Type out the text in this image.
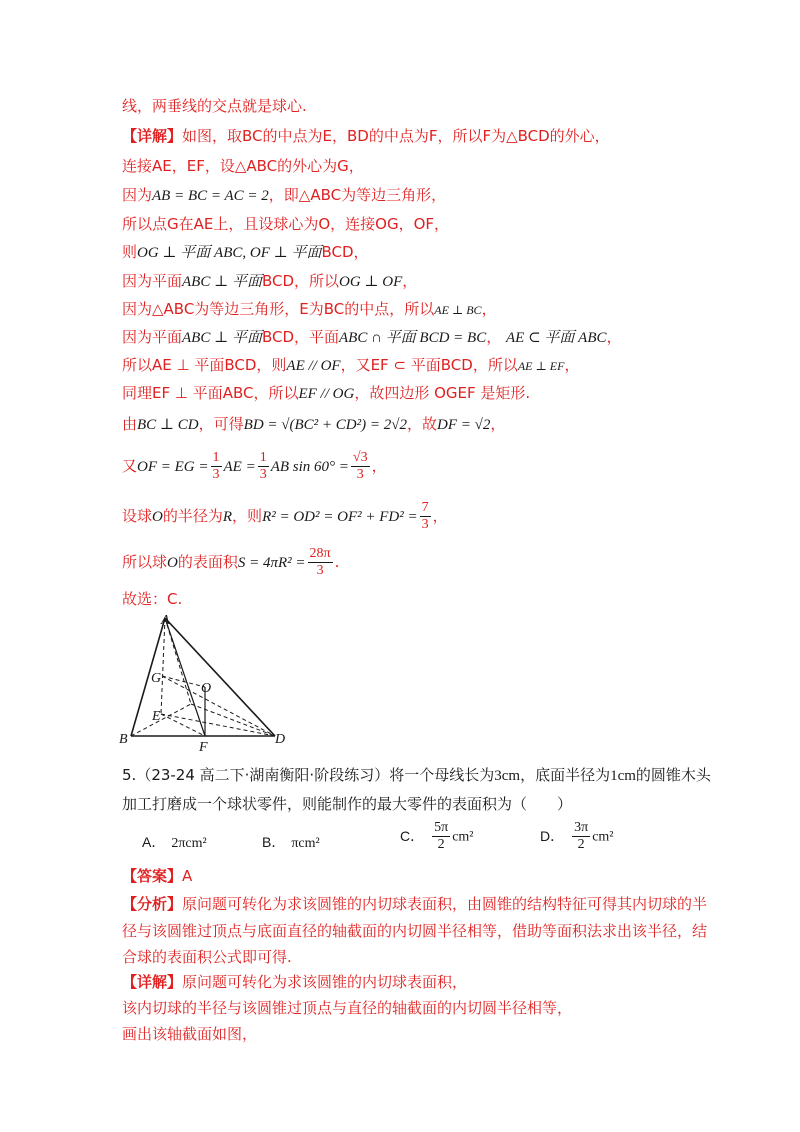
线，两垂线的交点就是球心.
【详解】如图，取BC的中点为E，BD的中点为F，所以F为△BCD的外心，
连接AE，EF，设△ABC的外心为G，
因为AB = BC = AC = 2，即△ABC为等边三角形，
所以点G在AE上，且设球心为O，连接OG，OF，
则OG ⊥ 平面 ABC, OF ⊥ 平面BCD，
因为平面ABC ⊥ 平面BCD，所以OG ⊥ OF，
因为△ABC为等边三角形，E为BC的中点，所以AE ⊥ BC，
因为平面ABC ⊥ 平面BCD，平面ABC ∩ 平面 BCD = BC， AE ⊂ 平面 ABC，
所以AE ⊥ 平面BCD，则AE // OF，又EF ⊂ 平面BCD，所以AE ⊥ EF，
同理EF ⊥ 平面ABC，所以EF // OG，故四边形 OGEF 是矩形.
由BC ⊥ CD，可得BD = √(BC² + CD²) = 2√2，故DF = √2，
又OF = EG = $\frac{1}{3}$ AE = $\frac{1}{3}$ AB $\sin 60^\circ = \frac{√3}{3}$ ，
设球O的半径为R，则$R^2 = OD^2 = OF^2 + FD^2 = \frac{7}{3}$ ，
所以球O的表面积$S = 4\pi R^2 = \frac{28\pi}{3}$ .
故选：C.
A
B	D
G
O
E
F
5.（23-24 高二下·湖南衡阳·阶段练习）将一个母线长为3cm，底面半径为1cm的圆锥木头
加工打磨成一个球状零件，则能制作的最大零件的表面积为（　　）
A． 2πcm²	B． πcm²	C． $\frac{5\pi}{2} cm^2$	D． $\frac{3\pi}{2} cm^2$
【答案】A
【分析】原问题可转化为求该圆锥的内切球表面积，由圆锥的结构特征可得其内切球的半
径与该圆锥过顶点与底面直径的轴截面的内切圆半径相等，借助等面积法求出该半径，结
合球的表面积公式即可得.
【详解】原问题可转化为求该圆锥的内切球表面积，
该内切球的半径与该圆锥过顶点与直径的轴截面的内切圆半径相等，
画出该轴截面如图，
